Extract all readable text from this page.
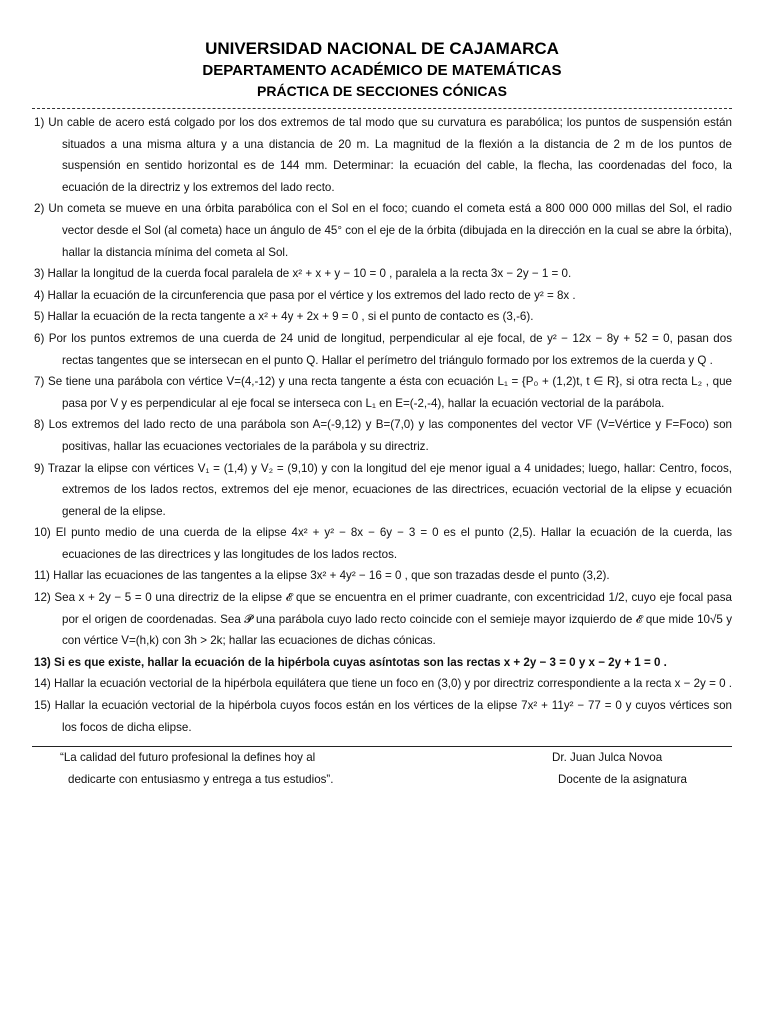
UNIVERSIDAD NACIONAL DE CAJAMARCA
DEPARTAMENTO ACADÉMICO DE MATEMÁTICAS
PRÁCTICA DE SECCIONES CÓNICAS

1) Un cable de acero está colgado por los dos extremos de tal modo que su curvatura es parabólica; los puntos de suspensión están situados a una misma altura y a una distancia de 20 m. La magnitud de la flexión a la distancia de 2 m de los puntos de suspensión en sentido horizontal es de 144 mm. Determinar: la ecuación del cable, la flecha, las coordenadas del foco, la ecuación de la directriz y los extremos del lado recto.

2) Un cometa se mueve en una órbita parabólica con el Sol en el foco; cuando el cometa está a 800 000 000 millas del Sol, el radio vector desde el Sol (al cometa) hace un ángulo de 45° con el eje de la órbita (dibujada en la dirección en la cual se abre la órbita), hallar la distancia mínima del cometa al Sol.

3) Hallar la longitud de la cuerda focal paralela de x² + x + y − 10 = 0 , paralela a la recta 3x − 2y − 1 = 0.

4) Hallar la ecuación de la circunferencia que pasa por el vértice y los extremos del lado recto de y² = 8x .

5) Hallar la ecuación de la recta tangente a x² + 4y + 2x + 9 = 0 , si el punto de contacto es (3,-6).

6) Por los puntos extremos de una cuerda de 24 unid de longitud, perpendicular al eje focal, de y² − 12x − 8y + 52 = 0, pasan dos rectas tangentes que se intersecan en el punto Q. Hallar el perímetro del triángulo formado por los extremos de la cuerda y Q .

7) Se tiene una parábola con vértice V=(4,-12) y una recta tangente a ésta con ecuación L₁ = {P₀ + (1,2)t, t ∈ R}, si otra recta L₂ , que pasa por V y es perpendicular al eje focal se interseca con L₁ en E=(-2,-4), hallar la ecuación vectorial de la parábola.

8) Los extremos del lado recto de una parábola son A=(-9,12) y B=(7,0) y las componentes del vector VF (V=Vértice y F=Foco) son positivas, hallar las ecuaciones vectoriales de la parábola y su directriz.

9) Trazar la elipse con vértices V₁ = (1,4) y V₂ = (9,10) y con la longitud del eje menor igual a 4 unidades; luego, hallar: Centro, focos, extremos de los lados rectos, extremos del eje menor, ecuaciones de las directrices, ecuación vectorial de la elipse y ecuación general de la elipse.

10) El punto medio de una cuerda de la elipse 4x² + y² − 8x − 6y − 3 = 0 es el punto (2,5). Hallar la ecuación de la cuerda, las ecuaciones de las directrices y las longitudes de los lados rectos.

11) Hallar las ecuaciones de las tangentes a la elipse 3x² + 4y² − 16 = 0 , que son trazadas desde el punto (3,2).

12) Sea x + 2y − 5 = 0 una directriz de la elipse 𝓔 que se encuentra en el primer cuadrante, con excentricidad 1/2, cuyo eje focal pasa por el origen de coordenadas. Sea 𝓟 una parábola cuyo lado recto coincide con el semieje mayor izquierdo de 𝓔 que mide 10√5 y con vértice V=(h,k) con 3h > 2k; hallar las ecuaciones de dichas cónicas.

13) Si es que existe, hallar la ecuación de la hipérbola cuyas asíntotas son las rectas x + 2y − 3 = 0 y x − 2y + 1 = 0 .

14) Hallar la ecuación vectorial de la hipérbola equilátera que tiene un foco en (3,0) y por directriz correspondiente a la recta x − 2y = 0 .

15) Hallar la ecuación vectorial de la hipérbola cuyos focos están en los vértices de la elipse 7x² + 11y² − 77 = 0 y cuyos vértices son los focos de dicha elipse.

“La calidad del futuro profesional la defines hoy al
dedicarte con entusiasmo y entrega a tus estudios”.
Dr. Juan Julca Novoa
Docente de la asignatura
